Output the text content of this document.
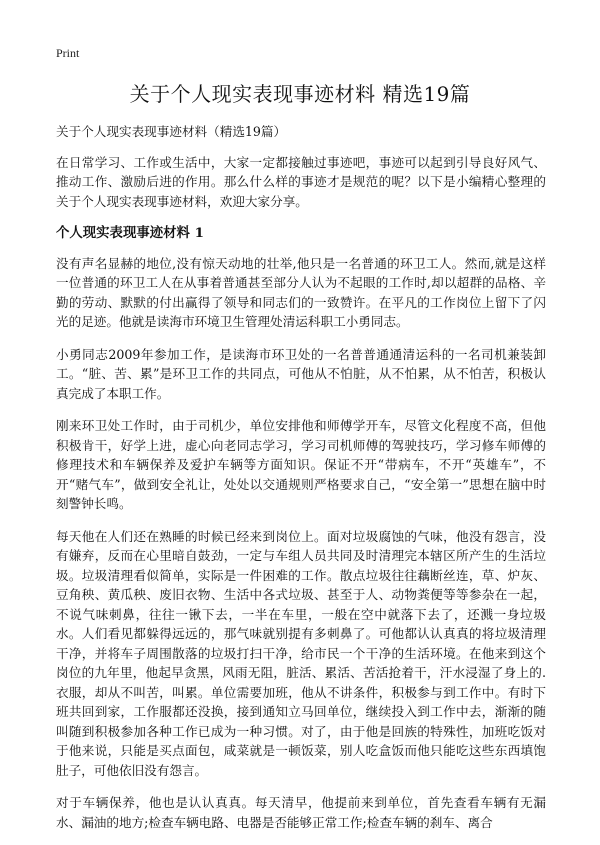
Print
关于个人现实表现事迹材料 精选19篇

关于个人现实表现事迹材料（精选19篇）

在日常学习、工作或生活中，大家一定都接触过事迹吧，事迹可以起到引导良好风气、推动工作、激励后进的作用。那么什么样的事迹才是规范的呢？以下是小编精心整理的关于个人现实表现事迹材料，欢迎大家分享。

个人现实表现事迹材料 1

没有声名显赫的地位,没有惊天动地的壮举,他只是一名普通的环卫工人。然而,就是这样一位普通的环卫工人在从事着普通甚至部分人认为不起眼的工作时,却以超群的品格、辛勤的劳动、默默的付出赢得了领导和同志们的一致赞许。在平凡的工作岗位上留下了闪光的足迹。他就是读海市环境卫生管理处清运科职工小勇同志。

小勇同志2009年参加工作，是读海市环卫处的一名普普通通清运科的一名司机兼装卸工。“脏、苦、累”是环卫工作的共同点，可他从不怕脏，从不怕累，从不怕苦，积极认真完成了本职工作。

刚来环卫处工作时，由于司机少，单位安排他和师傅学开车，尽管文化程度不高，但他积极肯干，好学上进，虚心向老同志学习，学习司机师傅的驾驶技巧，学习修车师傅的修理技术和车辆保养及爱护车辆等方面知识。保证不开“带病车，不开“英雄车”，不开“赌气车”，做到安全礼让，处处以交通规则严格要求自己，“安全第一”思想在脑中时刻警钟长鸣。

每天他在人们还在熟睡的时候已经来到岗位上。面对垃圾腐蚀的气味，他没有怨言，没有嫌弃，反而在心里暗自鼓劲，一定与车组人员共同及时清理完本辖区所产生的生活垃圾。垃圾清理看似简单，实际是一件困难的工作。散点垃圾往往藕断丝连，草、炉灰、豆角秧、黄瓜秧、废旧衣物、生活中各式垃圾、甚至于人、动物粪便等等参杂在一起，不说气味刺鼻，往往一锹下去，一半在车里，一般在空中就落下去了，还溅一身垃圾水。人们看见都躲得远远的，那气味就别提有多刺鼻了。可他都认认真真的将垃圾清理干净，并将车子周围散落的垃圾打扫干净，给市民一个干净的生活环境。在他来到这个岗位的九年里，他起早贪黑，风雨无阻，脏活、累活、苦活抢着干，汗水浸湿了身上的.衣服，却从不叫苦，叫累。单位需要加班，他从不讲条件，积极参与到工作中。有时下班共回到家，工作服都还没换，接到通知立马回单位，继续投入到工作中去，渐渐的随叫随到积极参加各种工作已成为一种习惯。对了，由于他是回族的特殊性，加班吃饭对于他来说，只能是买点面包，咸菜就是一顿饭菜，别人吃盒饭而他只能吃这些东西填饱肚子，可他依旧没有怨言。

对于车辆保养，他也是认认真真。每天清早，他提前来到单位，首先查看车辆有无漏水、漏油的地方;检查车辆电路、电器是否能够正常工作;检查车辆的刹车、离合
